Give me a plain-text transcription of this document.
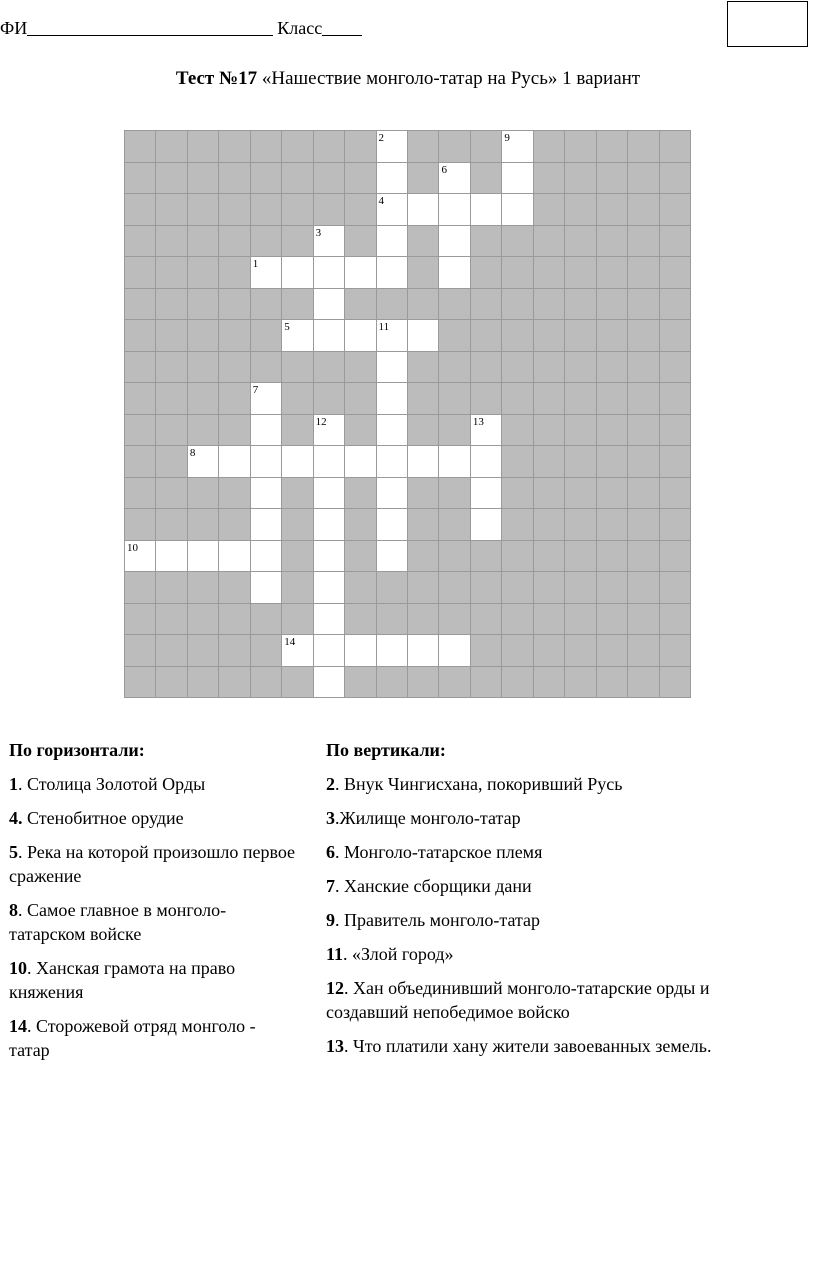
ФИ	Класс
Тест №17 «Нашествие монголо-татар на Русь» 1 вариант
2	9
6
4
3
1
5	11
7
12	13
8
10
14
По горизонтали:
1. Столица Золотой Орды
4. Стенобитное орудие
5. Река на которой произошло первое сражение
8. Самое главное в монголо-татарском войске
10. Ханская грамота на право княжения
14. Сторожевой отряд монголо - татар
По вертикали:
2. Внук Чингисхана, покоривший Русь
3.Жилище монголо-татар
6. Монголо-татарское племя
7. Ханские сборщики дани
9. Правитель монголо-татар
11. «Злой город»
12. Хан объединивший монголо-татарские орды и создавший непобедимое войско
13. Что платили хану жители завоеванных земель.
